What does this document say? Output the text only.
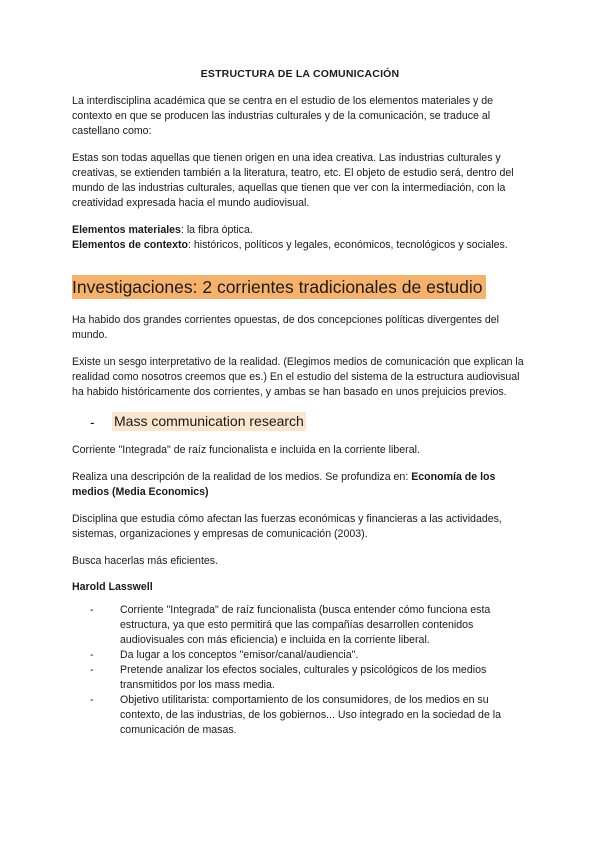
ESTRUCTURA DE LA COMUNICACIÓN

La interdisciplina académica que se centra en el estudio de los elementos materiales y de contexto en que se producen las industrias culturales y de la comunicación, se traduce al castellano como:

Estas son todas aquellas que tienen origen en una idea creativa. Las industrias culturales y creativas, se extienden también a la literatura, teatro, etc. El objeto de estudio será, dentro del mundo de las industrias culturales, aquellas que tienen que ver con la intermediación, con la creatividad expresada hacia el mundo audiovisual.

Elementos materiales: la fibra óptica.

Elementos de contexto: históricos, políticos y legales, económicos, tecnológicos y sociales.

Investigaciones: 2 corrientes tradicionales de estudio

Ha habido dos grandes corrientes opuestas, de dos concepciones políticas divergentes del mundo.

Existe un sesgo interpretativo de la realidad. (Elegimos medios de comunicación que explican la realidad como nosotros creemos que es.) En el estudio del sistema de la estructura audiovisual ha habido históricamente dos corrientes, y ambas se han basado en unos prejuicios previos.

-	Mass communication research

Corriente "Integrada" de raíz funcionalista e incluida en la corriente liberal.

Realiza una descripción de la realidad de los medios. Se profundiza en: Economía de los medios (Media Economics)

Disciplina que estudia cómo afectan las fuerzas económicas y financieras a las actividades, sistemas, organizaciones y empresas de comunicación (2003).

Busca hacerlas más eficientes.

Harold Lasswell
- Corriente "Integrada" de raíz funcionalista (busca entender cómo funciona esta estructura, ya que esto permitirá que las compañías desarrollen contenidos audiovisuales con más eficiencia) e incluida en la corriente liberal.
- Da lugar a los conceptos "emisor/canal/audiencia".
- Pretende analizar los efectos sociales, culturales y psicológicos de los medios transmitidos por los mass media.
- Objetivo utilitarista: comportamiento de los consumidores, de los medios en su contexto, de las industrias, de los gobiernos... Uso integrado en la sociedad de la comunicación de masas.
